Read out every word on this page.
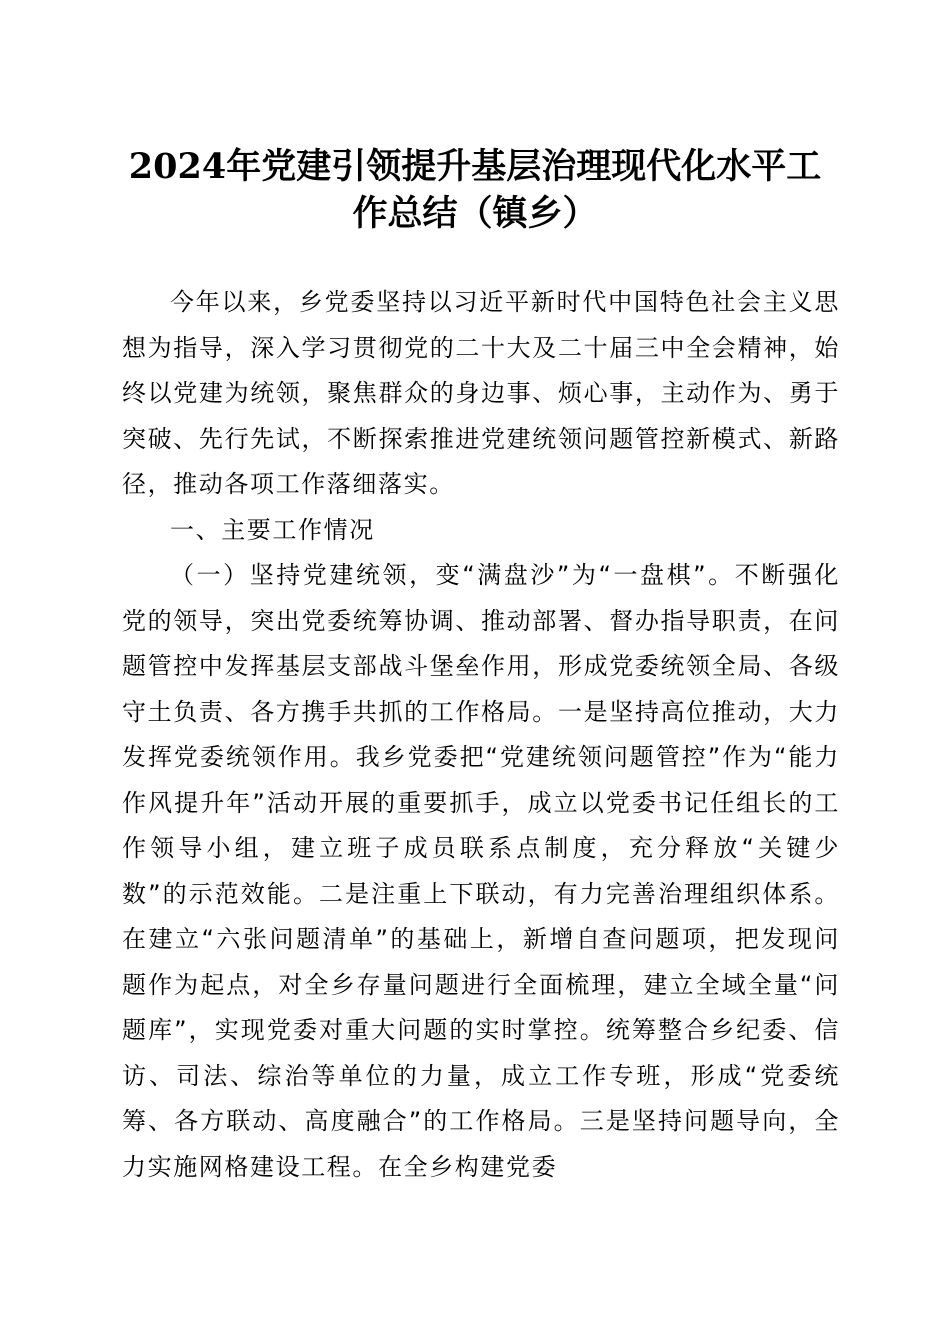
2024年党建引领提升基层治理现代化水平工
作总结（镇乡）

今年以来，乡党委坚持以习近平新时代中国特色社会主义思想为指导，深入学习贯彻党的二十大及二十届三中全会精神，始终以党建为统领，聚焦群众的身边事、烦心事，主动作为、勇于突破、先行先试，不断探索推进党建统领问题管控新模式、新路径，推动各项工作落细落实。

一、主要工作情况

（一）坚持党建统领，变“满盘沙”为“一盘棋”。不断强化党的领导，突出党委统筹协调、推动部署、督办指导职责，在问题管控中发挥基层支部战斗堡垒作用，形成党委统领全局、各级守土负责、各方携手共抓的工作格局。一是坚持高位推动，大力发挥党委统领作用。我乡党委把“党建统领问题管控”作为“能力作风提升年”活动开展的重要抓手，成立以党委书记任组长的工作领导小组，建立班子成员联系点制度，充分释放“关键少数”的示范效能。二是注重上下联动，有力完善治理组织体系。在建立“六张问题清单”的基础上，新增自查问题项，把发现问题作为起点，对全乡存量问题进行全面梳理，建立全域全量“问题库”，实现党委对重大问题的实时掌控。统筹整合乡纪委、信访、司法、综治等单位的力量，成立工作专班，形成“党委统筹、各方联动、高度融合”的工作格局。三是坚持问题导向，全力实施网格建设工程。在全乡构建党委
